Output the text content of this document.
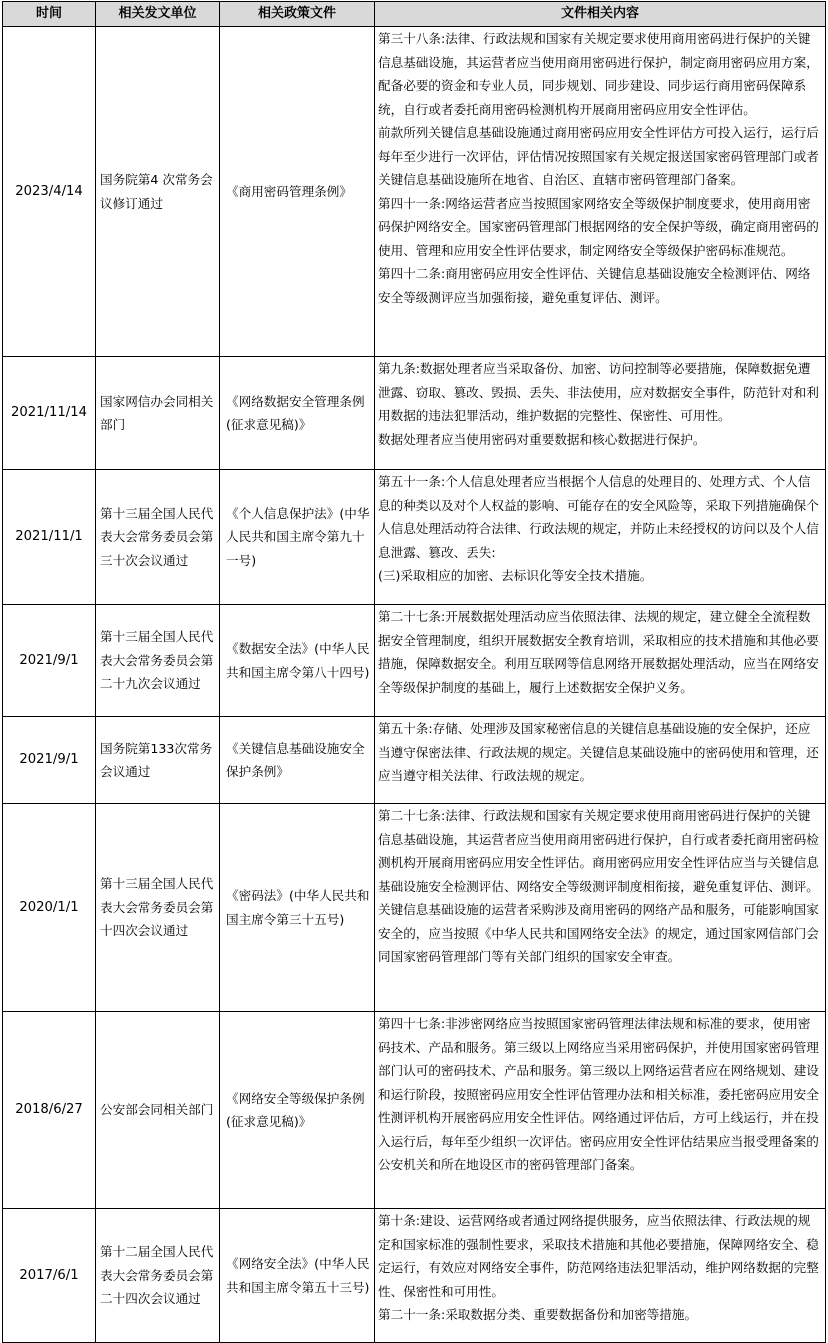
时间	相关发文单位	相关政策文件	文件相关内容
2023/4/14	国务院第4 次常务会议修订通过	《商用密码管理条例》	第三十八条:法律、行政法规和国家有关规定要求使用商用密码进行保护的关键信息基础设施，其运营者应当使用商用密码进行保护，制定商用密码应用方案，配备必要的资金和专业人员，同步规划、同步建设、同步运行商用密码保障系统，自行或者委托商用密码检测机构开展商用密码应用安全性评估。

前款所列关键信息基础设施通过商用密码应用安全性评估方可投入运行，运行后每年至少进行一次评估，评估情况按照国家有关规定报送国家密码管理部门或者关键信息基础设施所在地省、自治区、直辖市密码管理部门备案。

第四十一条:网络运营者应当按照国家网络安全等级保护制度要求，使用商用密码保护网络安全。国家密码管理部门根据网络的安全保护等级，确定商用密码的使用、管理和应用安全性评估要求，制定网络安全等级保护密码标准规范。

第四十二条:商用密码应用安全性评估、关键信息基础设施安全检测评估、网络安全等级测评应当加强衔接，避免重复评估、测评。

2021/11/14	国家网信办会同相关部门	《网络数据安全管理条例(征求意见稿)》	第九条:数据处理者应当采取备份、加密、访问控制等必要措施，保障数据免遭泄露、窃取、篡改、毁损、丢失、非法使用，应对数据安全事件，防范针对和利用数据的违法犯罪活动，维护数据的完整性、保密性、可用性。

数据处理者应当使用密码对重要数据和核心数据进行保护。

2021/11/1	第十三届全国人民代表大会常务委员会第三十次会议通过	《个人信息保护法》(中华人民共和国主席令第九十一号)	第五十一条:个人信息处理者应当根据个人信息的处理目的、处理方式、个人信息的种类以及对个人权益的影响、可能存在的安全风险等，采取下列措施确保个人信息处理活动符合法律、行政法规的规定，并防止未经授权的访问以及个人信息泄露、篡改、丢失:

(三)采取相应的加密、去标识化等安全技术措施。

2021/9/1	第十三届全国人民代表大会常务委员会第二十九次会议通过	《数据安全法》(中华人民共和国主席令第八十四号)	第二十七条:开展数据处理活动应当依照法律、法规的规定，建立健全全流程数据安全管理制度，组织开展数据安全教育培训，采取相应的技术措施和其他必要措施，保障数据安全。利用互联网等信息网络开展数据处理活动，应当在网络安全等级保护制度的基础上，履行上述数据安全保护义务。

2021/9/1	国务院第133次常务会议通过	《关键信息基础设施安全保护条例》	第五十条:存储、处理涉及国家秘密信息的关键信息基础设施的安全保护，还应当遵守保密法律、行政法规的规定。关键信息某础设施中的密码使用和管理，还应当遵守相关法律、行政法规的规定。

2020/1/1	第十三届全国人民代表大会常务委员会第十四次会议通过	《密码法》(中华人民共和国主席令第三十五号)	第二十七条:法律、行政法规和国家有关规定要求使用商用密码进行保护的关键信息基础设施，其运营者应当使用商用密码进行保护，自行或者委托商用密码检测机构开展商用密码应用安全性评估。商用密码应用安全性评估应当与关键信息基础设施安全检测评估、网络安全等级测评制度相衔接，避免重复评估、测评。

关键信息基础设施的运营者采购涉及商用密码的网络产品和服务，可能影响国家安全的，应当按照《中华人民共和国网络安全法》的规定，通过国家网信部门会同国家密码管理部门等有关部门组织的国家安全审查。

2018/6/27	公安部会同相关部门	《网络安全等级保护条例(征求意见稿)》	第四十七条:非涉密网络应当按照国家密码管理法律法规和标准的要求，使用密码技术、产品和服务。第三级以上网络应当采用密码保护，并使用国家密码管理部门认可的密码技术、产品和服务。第三级以上网络运营者应在网络规划、建设和运行阶段，按照密码应用安全性评估管理办法和相关标准，委托密码应用安全性测评机构开展密码应用安全性评估。网络通过评估后，方可上线运行，并在投入运行后，每年至少组织一次评估。密码应用安全性评估结果应当报受理备案的公安机关和所在地设区市的密码管理部门备案。

2017/6/1	第十二届全国人民代表大会常务委员会第二十四次会议通过	《网络安全法》(中华人民共和国主席令第五十三号)	第十条:建设、运营网络或者通过网络提供服务，应当依照法律、行政法规的规定和国家标准的强制性要求，采取技术措施和其他必要措施，保障网络安全、稳定运行，有效应对网络安全事件，防范网络违法犯罪活动，维护网络数据的完整性、保密性和可用性。

第二十一条:采取数据分类、重要数据备份和加密等措施。
